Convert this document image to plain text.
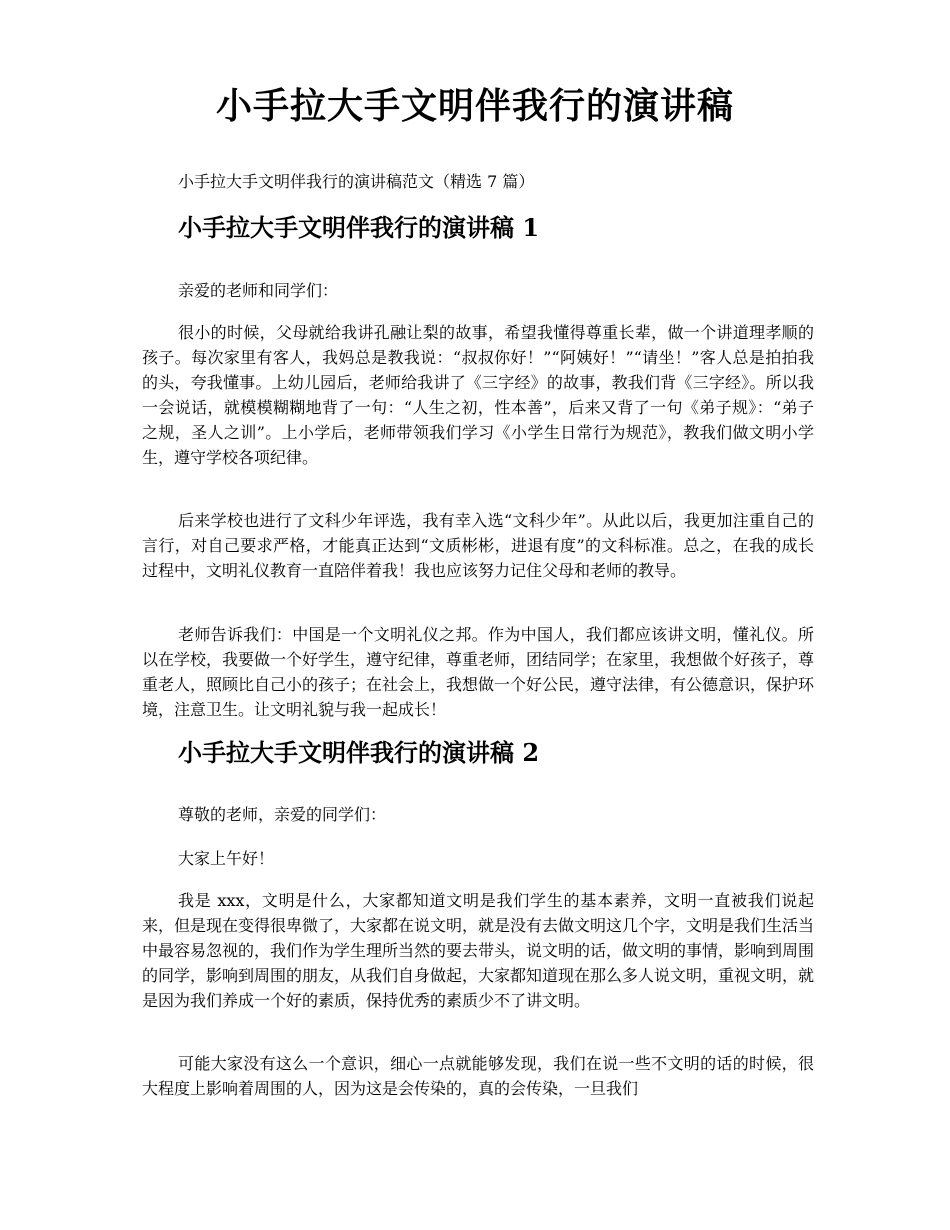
小手拉大手文明伴我行的演讲稿

小手拉大手文明伴我行的演讲稿范文（精选 7 篇）

小手拉大手文明伴我行的演讲稿 1

亲爱的老师和同学们：

很小的时候，父母就给我讲孔融让梨的故事，希望我懂得尊重长辈，做一个讲道理孝顺的孩子。每次家里有客人，我妈总是教我说：“叔叔你好！”“阿姨好！”“请坐！”客人总是拍拍我的头，夸我懂事。上幼儿园后，老师给我讲了《三字经》的故事，教我们背《三字经》。所以我一会说话，就模模糊糊地背了一句：“人生之初，性本善”，后来又背了一句《弟子规》：“弟子之规，圣人之训”。上小学后，老师带领我们学习《小学生日常行为规范》，教我们做文明小学生，遵守学校各项纪律。

后来学校也进行了文科少年评选，我有幸入选“文科少年”。从此以后，我更加注重自己的言行，对自己要求严格，才能真正达到“文质彬彬，进退有度”的文科标准。总之，在我的成长过程中，文明礼仪教育一直陪伴着我！我也应该努力记住父母和老师的教导。

老师告诉我们：中国是一个文明礼仪之邦。作为中国人，我们都应该讲文明，懂礼仪。所以在学校，我要做一个好学生，遵守纪律，尊重老师，团结同学；在家里，我想做个好孩子，尊重老人，照顾比自己小的孩子；在社会上，我想做一个好公民，遵守法律，有公德意识，保护环境，注意卫生。让文明礼貌与我一起成长！

小手拉大手文明伴我行的演讲稿 2

尊敬的老师，亲爱的同学们：

大家上午好！

我是 xxx，文明是什么，大家都知道文明是我们学生的基本素养，文明一直被我们说起来，但是现在变得很卑微了，大家都在说文明，就是没有去做文明这几个字，文明是我们生活当中最容易忽视的，我们作为学生理所当然的要去带头，说文明的话，做文明的事情，影响到周围的同学，影响到周围的朋友，从我们自身做起，大家都知道现在那么多人说文明，重视文明，就是因为我们养成一个好的素质，保持优秀的素质少不了讲文明。

可能大家没有这么一个意识，细心一点就能够发现，我们在说一些不文明的话的时候，很大程度上影响着周围的人，因为这是会传染的，真的会传染，一旦我们
